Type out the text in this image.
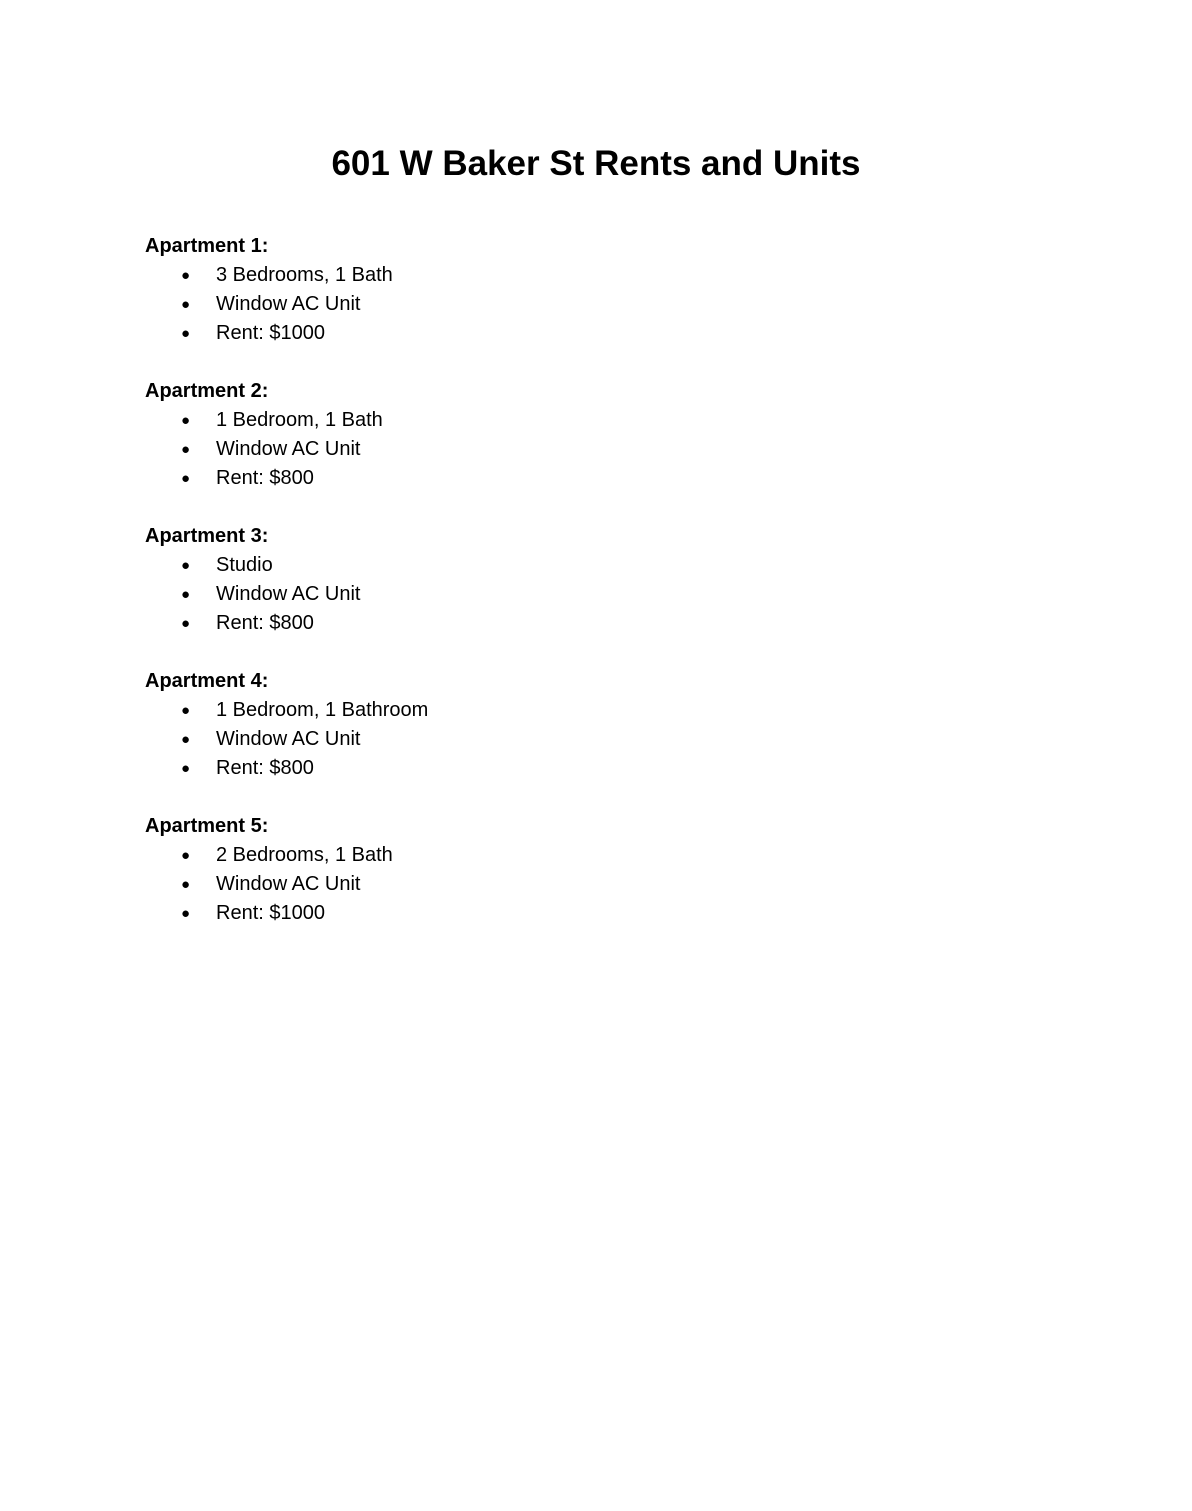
601 W Baker St Rents and Units

Apartment 1:

● 3 Bedrooms, 1 Bath
● Window AC Unit
● Rent: $1000

Apartment 2:

● 1 Bedroom, 1 Bath
● Window AC Unit
● Rent: $800

Apartment 3:

● Studio
● Window AC Unit
● Rent: $800

Apartment 4:

● 1 Bedroom, 1 Bathroom
● Window AC Unit
● Rent: $800

Apartment 5:

● 2 Bedrooms, 1 Bath
● Window AC Unit
● Rent: $1000
